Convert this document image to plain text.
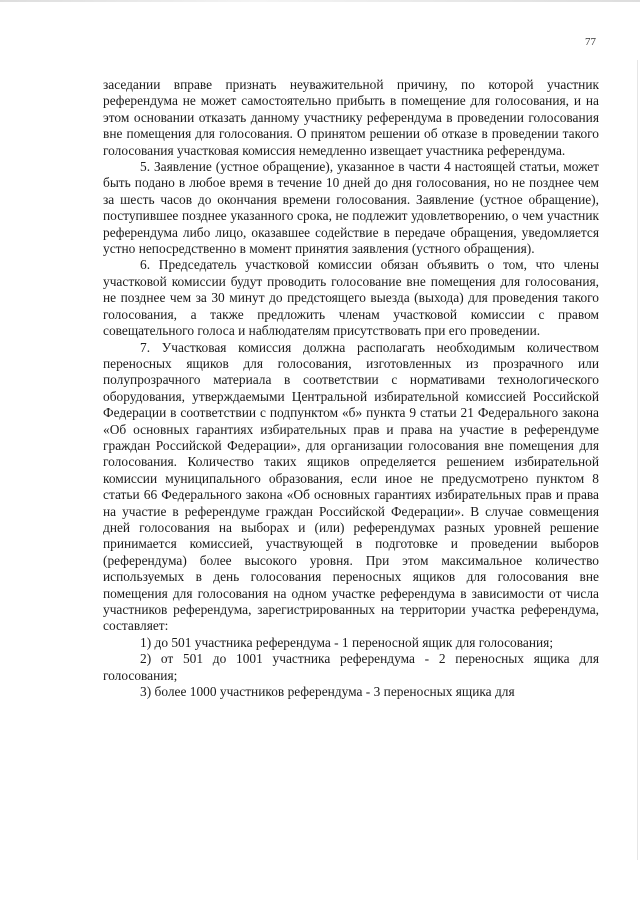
77

заседании вправе признать неуважительной причину, по которой участник референдума не может самостоятельно прибыть в помещение для голосования, и на этом основании отказать данному участнику референдума в проведении голосования вне помещения для голосования. О принятом решении об отказе в проведении такого голосования участковая комиссия немедленно извещает участника референдума.

5. Заявление (устное обращение), указанное в части 4 настоящей статьи, может быть подано в любое время в течение 10 дней до дня голосования, но не позднее чем за шесть часов до окончания времени голосования. Заявление (устное обращение), поступившее позднее указанного срока, не подлежит удовлетворению, о чем участник референдума либо лицо, оказавшее содействие в передаче обращения, уведомляется устно непосредственно в момент принятия заявления (устного обращения).

6. Председатель участковой комиссии обязан объявить о том, что члены участковой комиссии будут проводить голосование вне помещения для голосования, не позднее чем за 30 минут до предстоящего выезда (выхода) для проведения такого голосования, а также предложить членам участковой комиссии с правом совещательного голоса и наблюдателям присутствовать при его проведении.

7. Участковая комиссия должна располагать необходимым количеством переносных ящиков для голосования, изготовленных из прозрачного или полупрозрачного материала в соответствии с нормативами технологического оборудования, утверждаемыми Центральной избирательной комиссией Российской Федерации в соответствии с подпунктом «б» пункта 9 статьи 21 Федерального закона «Об основных гарантиях избирательных прав и права на участие в референдуме граждан Российской Федерации», для организации голосования вне помещения для голосования. Количество таких ящиков определяется решением избирательной комиссии муниципального образования, если иное не предусмотрено пунктом 8 статьи 66 Федерального закона «Об основных гарантиях избирательных прав и права на участие в референдуме граждан Российской Федерации». В случае совмещения дней голосования на выборах и (или) референдумах разных уровней решение принимается комиссией, участвующей в подготовке и проведении выборов (референдума) более высокого уровня. При этом максимальное количество используемых в день голосования переносных ящиков для голосования вне помещения для голосования на одном участке референдума в зависимости от числа участников референдума, зарегистрированных на территории участка референдума, составляет:

1) до 501 участника референдума - 1 переносной ящик для голосования;

2) от 501 до 1001 участника референдума - 2 переносных ящика для голосования;

3) более 1000 участников референдума - 3 переносных ящика для
